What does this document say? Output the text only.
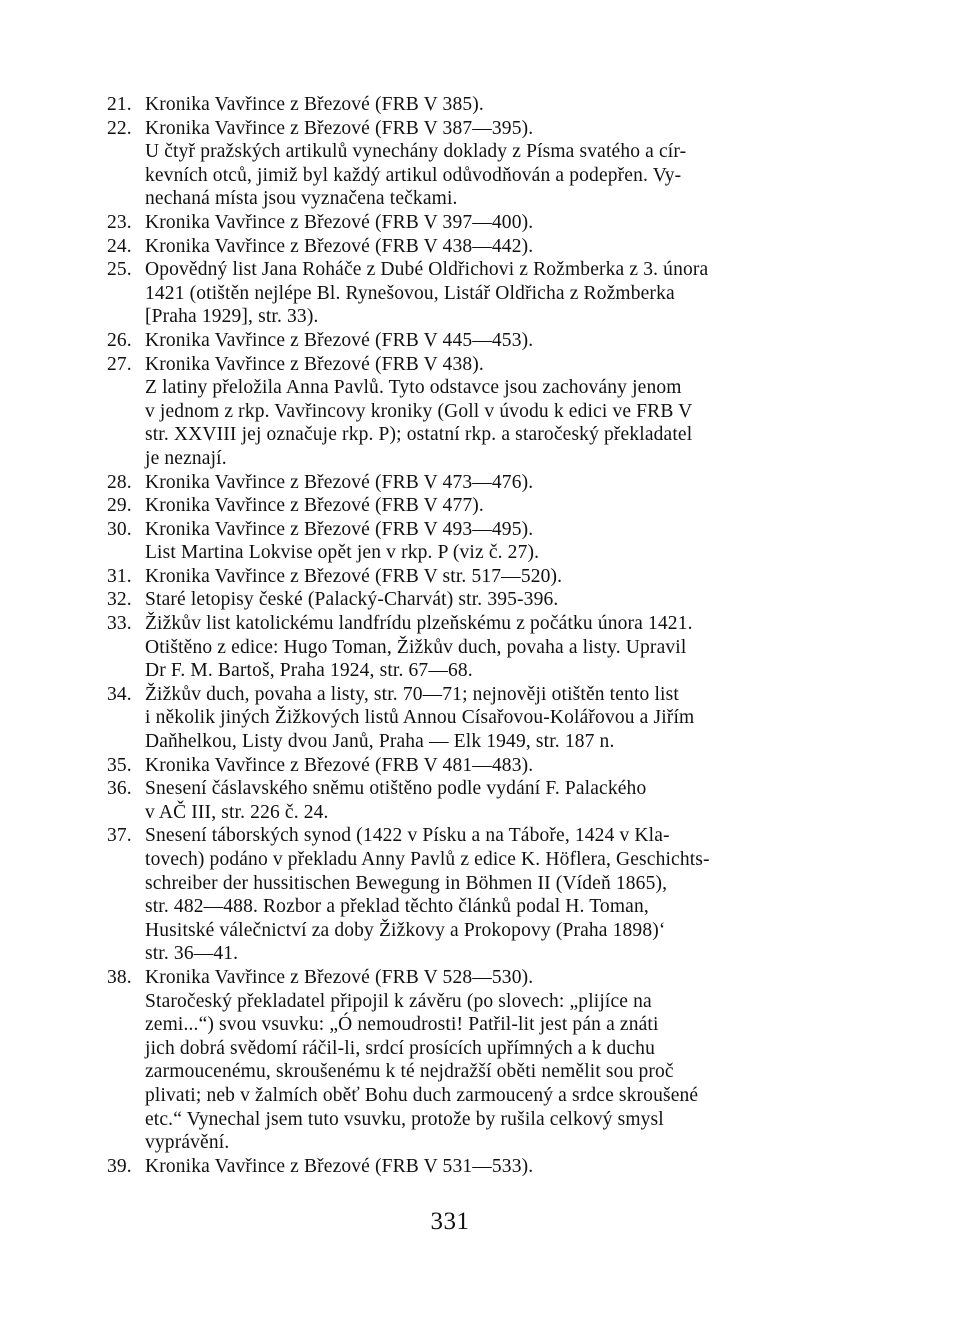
21. Kronika Vavřince z Březové (FRB V 385).
22. Kronika Vavřince z Březové (FRB V 387—395).
U čtyř pražských artikulů vynechány doklady z Písma svatého a cír-
kevních otců, jimiž byl každý artikul odůvodňován a podepřen. Vy-
nechaná místa jsou vyznačena tečkami.
23. Kronika Vavřince z Březové (FRB V 397—400).
24. Kronika Vavřince z Březové (FRB V 438—442).
25. Opovědný list Jana Roháče z Dubé Oldřichovi z Rožmberka z 3. února
1421 (otištěn nejlépe Bl. Rynešovou, Listář Oldřicha z Rožmberka
[Praha 1929], str. 33).
26. Kronika Vavřince z Březové (FRB V 445—453).
27. Kronika Vavřince z Březové (FRB V 438).
Z latiny přeložila Anna Pavlů. Tyto odstavce jsou zachovány jenom
v jednom z rkp. Vavřincovy kroniky (Goll v úvodu k edici ve FRB V
str. XXVIII jej označuje rkp. P); ostatní rkp. a staročeský překladatel
je neznají.
28. Kronika Vavřince z Březové (FRB V 473—476).
29. Kronika Vavřince z Březové (FRB V 477).
30. Kronika Vavřince z Březové (FRB V 493—495).
List Martina Lokvise opět jen v rkp. P (viz č. 27).
31. Kronika Vavřince z Březové (FRB V str. 517—520).
32. Staré letopisy české (Palacký-Charvát) str. 395-396.
33. Žižkův list katolickému landfrídu plzeňskému z počátku února 1421.
Otištěno z edice: Hugo Toman, Žižkův duch, povaha a listy. Upravil
Dr F. M. Bartoš, Praha 1924, str. 67—68.
34. Žižkův duch, povaha a listy, str. 70—71; nejnověji otištěn tento list
i několik jiných Žižkových listů Annou Císařovou-Kolářovou a Jiřím
Daňhelkou, Listy dvou Janů, Praha — Elk 1949, str. 187 n.
35. Kronika Vavřince z Březové (FRB V 481—483).
36. Snesení čáslavského sněmu otištěno podle vydání F. Palackého
v AČ III, str. 226 č. 24.
37. Snesení táborských synod (1422 v Písku a na Táboře, 1424 v Kla-
tovech) podáno v překladu Anny Pavlů z edice K. Höflera, Geschichts-
schreiber der hussitischen Bewegung in Böhmen II (Vídeň 1865),
str. 482—488. Rozbor a překlad těchto článků podal H. Toman,
Husitské válečnictví za doby Žižkovy a Prokopovy (Praha 1898)‘
str. 36—41.
38. Kronika Vavřince z Březové (FRB V 528—530).
Staročeský překladatel připojil k závěru (po slovech: „plijíce na
zemi...“) svou vsuvku: „Ó nemoudrosti! Patřil-lit jest pán a znáti
jich dobrá svědomí ráčil-li, srdcí prosících upřímných a k duchu
zarmoucenému, skroušenému k té nejdražší oběti nemělit sou proč
plivati; neb v žalmích oběť Bohu duch zarmoucený a srdce skroušené
etc.“ Vynechal jsem tuto vsuvku, protože by rušila celkový smysl
vyprávění.
39. Kronika Vavřince z Březové (FRB V 531—533).
331
